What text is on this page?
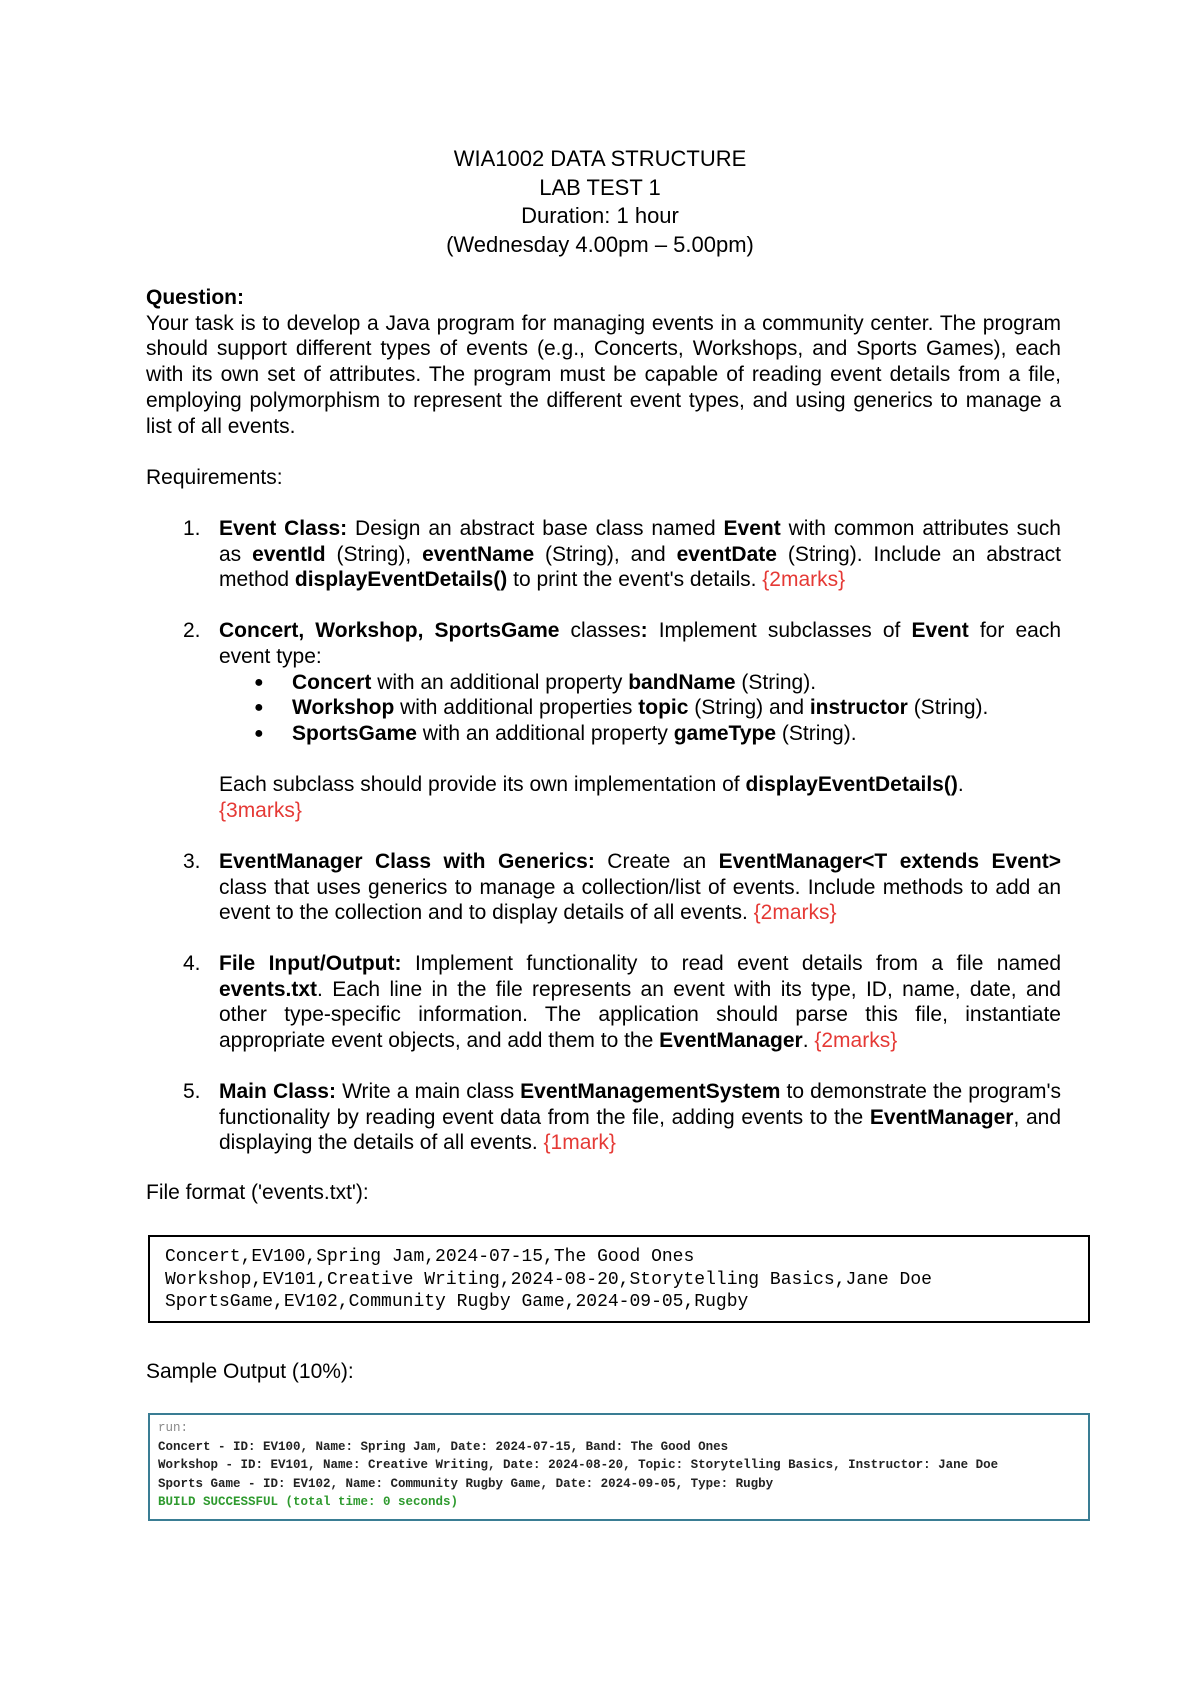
WIA1002 DATA STRUCTURE
LAB TEST 1
Duration: 1 hour
(Wednesday 4.00pm – 5.00pm)
Question:
Your task is to develop a Java program for managing events in a community center. The program should support different types of events (e.g., Concerts, Workshops, and Sports Games), each with its own set of attributes. The program must be capable of reading event details from a file, employing polymorphism to represent the different event types, and using generics to manage a list of all events.
Requirements:
1. Event Class: Design an abstract base class named Event with common attributes such as eventId (String), eventName (String), and eventDate (String). Include an abstract method displayEventDetails() to print the event's details. {2marks}
2. Concert, Workshop, SportsGame classes: Implement subclasses of Event for each event type:
● Concert with an additional property bandName (String).
● Workshop with additional properties topic (String) and instructor (String).
● SportsGame with an additional property gameType (String).
Each subclass should provide its own implementation of displayEventDetails().
{3marks}
3. EventManager Class with Generics: Create an EventManager<T extends Event> class that uses generics to manage a collection/list of events. Include methods to add an event to the collection and to display details of all events. {2marks}
4. File Input/Output: Implement functionality to read event details from a file named events.txt. Each line in the file represents an event with its type, ID, name, date, and other type-specific information. The application should parse this file, instantiate appropriate event objects, and add them to the EventManager. {2marks}
5. Main Class: Write a main class EventManagementSystem to demonstrate the program's functionality by reading event data from the file, adding events to the EventManager, and displaying the details of all events. {1mark}
File format ('events.txt'):
Concert,EV100,Spring Jam,2024-07-15,The Good Ones
Workshop,EV101,Creative Writing,2024-08-20,Storytelling Basics,Jane Doe
SportsGame,EV102,Community Rugby Game,2024-09-05,Rugby
Sample Output (10%):
run:
Concert - ID: EV100, Name: Spring Jam, Date: 2024-07-15, Band: The Good Ones
Workshop - ID: EV101, Name: Creative Writing, Date: 2024-08-20, Topic: Storytelling Basics, Instructor: Jane Doe
Sports Game - ID: EV102, Name: Community Rugby Game, Date: 2024-09-05, Type: Rugby
BUILD SUCCESSFUL (total time: 0 seconds)
